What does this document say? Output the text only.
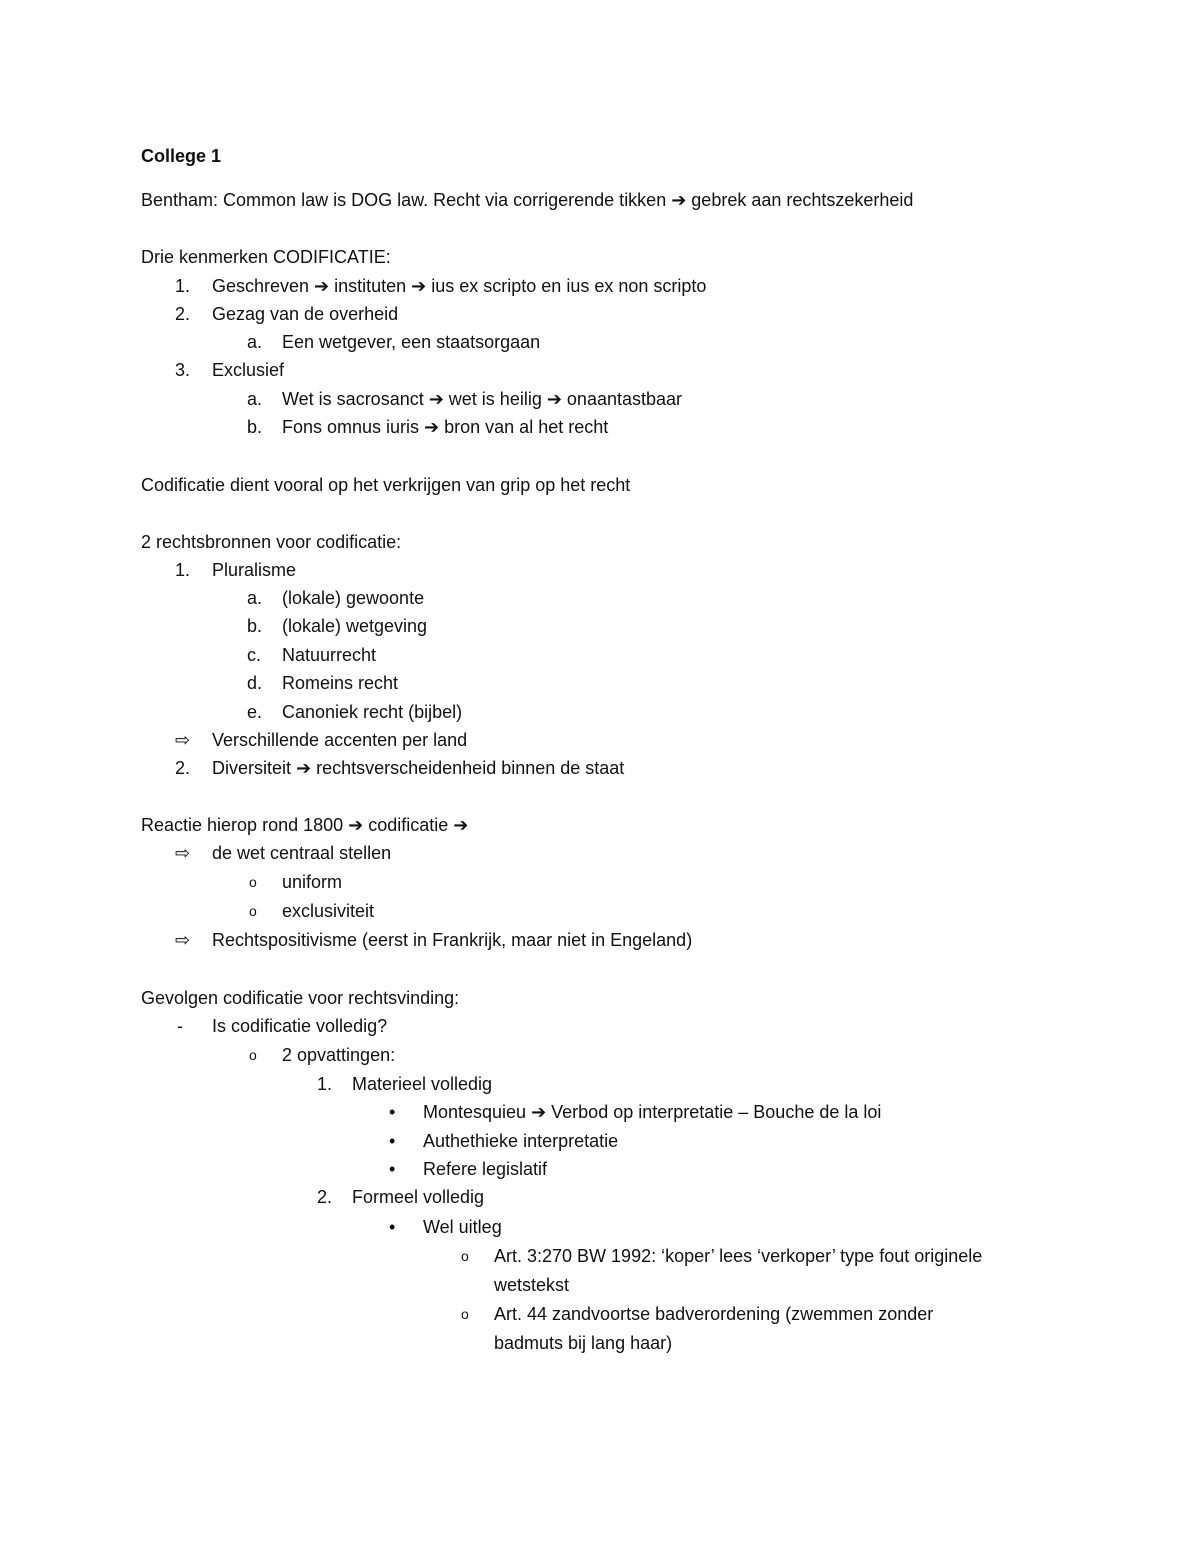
College 1
Bentham: Common law is DOG law. Recht via corrigerende tikken ➔ gebrek aan rechtszekerheid
Drie kenmerken CODIFICATIE:
1. Geschreven ➔ instituten ➔ ius ex scripto en ius ex non scripto
2. Gezag van de overheid
a. Een wetgever, een staatsorgaan
3. Exclusief
a. Wet is sacrosanct ➔ wet is heilig ➔ onaantastbaar
b. Fons omnus iuris ➔ bron van al het recht
Codificatie dient vooral op het verkrijgen van grip op het recht
2 rechtsbronnen voor codificatie:
1. Pluralisme
a. (lokale) gewoonte
b. (lokale) wetgeving
c. Natuurrecht
d. Romeins recht
e. Canoniek recht (bijbel)
⇨ Verschillende accenten per land
2. Diversiteit ➔ rechtsverscheidenheid binnen de staat
Reactie hierop rond 1800 ➔ codificatie ➔
⇨ de wet centraal stellen
o uniform
o exclusiviteit
⇨ Rechtspositivisme (eerst in Frankrijk, maar niet in Engeland)
Gevolgen codificatie voor rechtsvinding:
- Is codificatie volledig?
o 2 opvattingen:
1. Materieel volledig
• Montesquieu ➔ Verbod op interpretatie – Bouche de la loi
• Authethieke interpretatie
• Refere legislatif
2. Formeel volledig
• Wel uitleg
o Art. 3:270 BW 1992: ‘koper’ lees ‘verkoper’ type fout originele
wetstekst
o Art. 44 zandvoortse badverordening (zwemmen zonder
badmuts bij lang haar)
